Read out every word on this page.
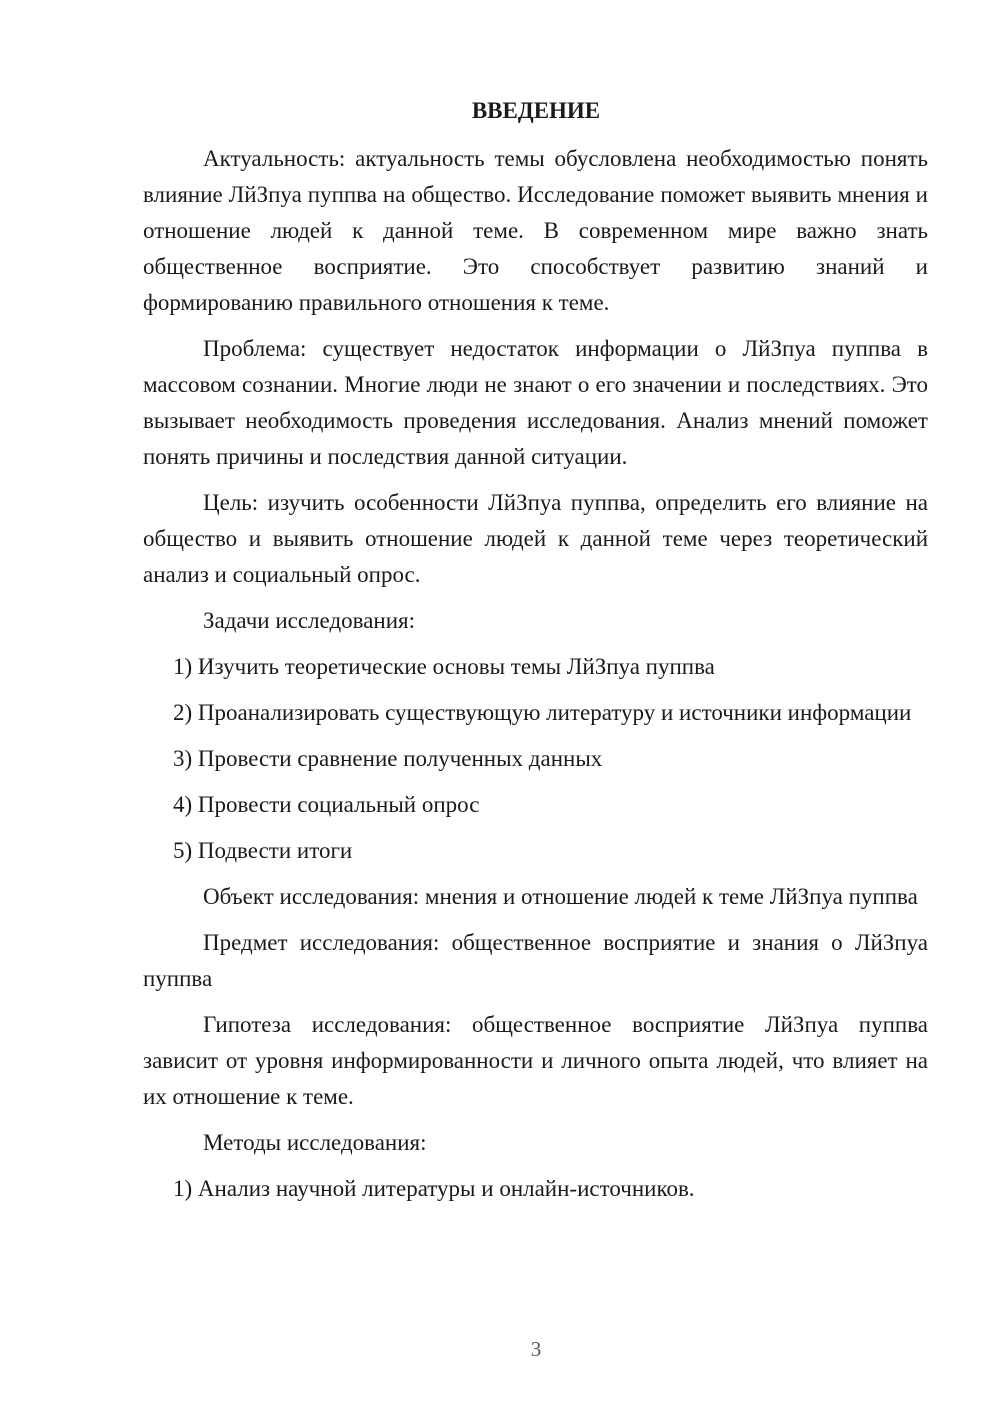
ВВЕДЕНИЕ

Актуальность: актуальность темы обусловлена необходимостью понять влияние ЛйЗпуа пуппва на общество. Исследование поможет выявить мнения и отношение людей к данной теме. В современном мире важно знать общественное восприятие. Это способствует развитию знаний и формированию правильного отношения к теме.

Проблема: существует недостаток информации о ЛйЗпуа пуппва в массовом сознании. Многие люди не знают о его значении и последствиях. Это вызывает необходимость проведения исследования. Анализ мнений поможет понять причины и последствия данной ситуации.

Цель: изучить особенности ЛйЗпуа пуппва, определить его влияние на общество и выявить отношение людей к данной теме через теоретический анализ и социальный опрос.

Задачи исследования:

1) Изучить теоретические основы темы ЛйЗпуа пуппва

2) Проанализировать существующую литературу и источники информации

3) Провести сравнение полученных данных

4) Провести социальный опрос

5) Подвести итоги

Объект исследования: мнения и отношение людей к теме ЛйЗпуа пуппва

Предмет исследования: общественное восприятие и знания о ЛйЗпуа пуппва

Гипотеза исследования: общественное восприятие ЛйЗпуа пуппва зависит от уровня информированности и личного опыта людей, что влияет на их отношение к теме.

Методы исследования:

1) Анализ научной литературы и онлайн-источников.

3
